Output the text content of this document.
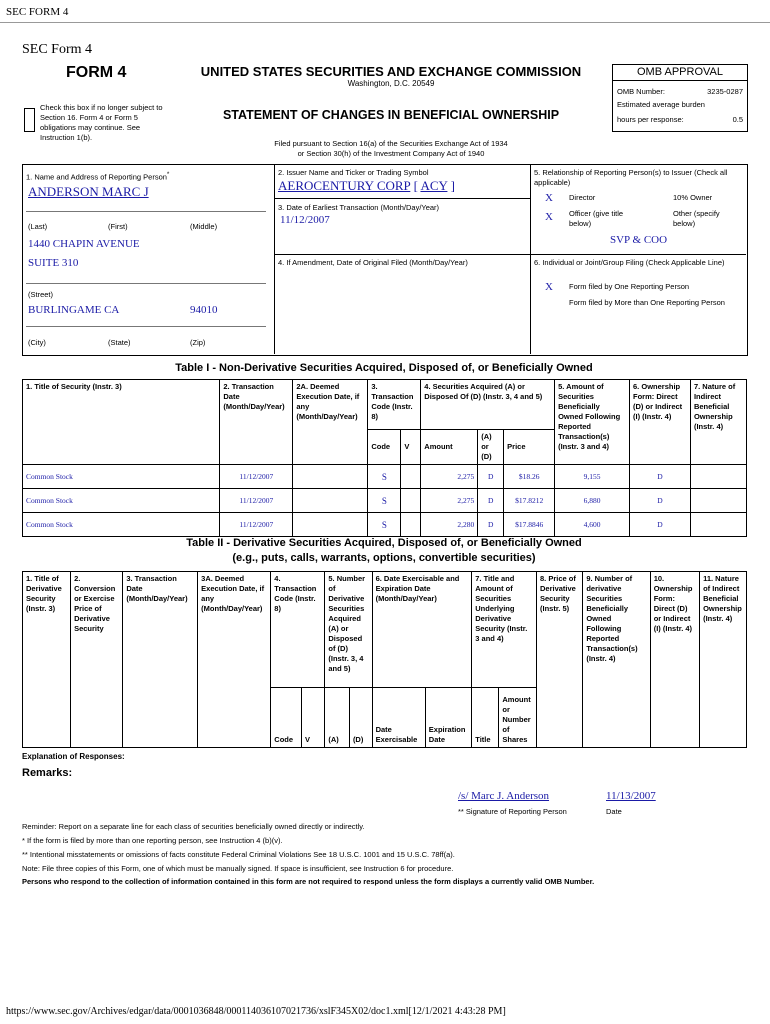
SEC FORM 4
SEC Form 4
FORM 4	UNITED STATES SECURITIES AND EXCHANGE COMMISSION
Washington, D.C. 20549
Check this box if no longer subject to Section 16. Form 4 or Form 5 obligations may continue. See Instruction 1(b).
STATEMENT OF CHANGES IN BENEFICIAL OWNERSHIP
OMB APPROVAL
OMB Number:	3235-0287
Estimated average burden
hours per response:	0.5
Filed pursuant to Section 16(a) of the Securities Exchange Act of 1934
or Section 30(h) of the Investment Company Act of 1940
1. Name and Address of Reporting Person*
ANDERSON MARC J
(Last)	(First)	(Middle)
1440 CHAPIN AVENUE
SUITE 310
(Street)
BURLINGAME CA	94010
(City)	(State)	(Zip)
2. Issuer Name and Ticker or Trading Symbol
AEROCENTURY CORP [ ACY ]
3. Date of Earliest Transaction (Month/Day/Year)
11/12/2007
4. If Amendment, Date of Original Filed (Month/Day/Year)
5. Relationship of Reporting Person(s) to Issuer (Check all applicable)
X Director	10% Owner
X Officer (give title below)
Other (specify below)
SVP & COO
6. Individual or Joint/Group Filing (Check Applicable Line)
X Form filed by One Reporting Person
Form filed by More than One Reporting Person
Table I - Non-Derivative Securities Acquired, Disposed of, or Beneficially Owned
1. Title of Security (Instr. 3)	2. Transaction Date (Month/Day/Year)	2A. Deemed Execution Date, if any (Month/Day/Year)	3. Transaction Code (Instr. 8)		4. Securities Acquired (A) or Disposed Of (D) (Instr. 3, 4 and 5)			5. Amount of Securities Beneficially Owned Following Reported Transaction(s) (Instr. 3 and 4)	6. Ownership Form: Direct (D) or Indirect (I) (Instr. 4)	7. Nature of Indirect Beneficial Ownership (Instr. 4)
			Code	V	Amount	(A) or (D)	Price			
Common Stock	11/12/2007		S		2,275	D	$18.26	9,155	D	
Common Stock	11/12/2007		S		2,275	D	$17.8212	6,880	D	
Common Stock	11/12/2007		S		2,280	D	$17.8846	4,600	D	
Table II - Derivative Securities Acquired, Disposed of, or Beneficially Owned
(e.g., puts, calls, warrants, options, convertible securities)
1. Title of Derivative Security (Instr. 3)	2. Conversion or Exercise Price of Derivative Security	3. Transaction Date (Month/Day/Year)	3A. Deemed Execution Date, if any (Month/Day/Year)	4. Transaction Code (Instr. 8)		5. Number of Derivative Securities Acquired (A) or Disposed of (D) (Instr. 3, 4 and 5)		6. Date Exercisable and Expiration Date (Month/Day/Year)		7. Title and Amount of Securities Underlying Derivative Security (Instr. 3 and 4)		8. Price of Derivative Security (Instr. 5)	9. Number of derivative Securities Beneficially Owned Following Reported Transaction(s) (Instr. 4)	10. Ownership Form: Direct (D) or Indirect (I) (Instr. 4)	11. Nature of Indirect Beneficial Ownership (Instr. 4)
				Code	V	(A)	(D)	Date Exercisable	Expiration Date	Title	Amount or Number of Shares				
Explanation of Responses:
Remarks:
/s/ Marc J. Anderson	11/13/2007
** Signature of Reporting Person	Date
Reminder: Report on a separate line for each class of securities beneficially owned directly or indirectly.
* If the form is filed by more than one reporting person, see Instruction 4 (b)(v).
** Intentional misstatements or omissions of facts constitute Federal Criminal Violations See 18 U.S.C. 1001 and 15 U.S.C. 78ff(a).
Note: File three copies of this Form, one of which must be manually signed. If space is insufficient, see Instruction 6 for procedure.
Persons who respond to the collection of information contained in this form are not required to respond unless the form displays a currently valid OMB Number.
https://www.sec.gov/Archives/edgar/data/0001036848/000114036107021736/xslF345X02/doc1.xml[12/1/2021 4:43:28 PM]
